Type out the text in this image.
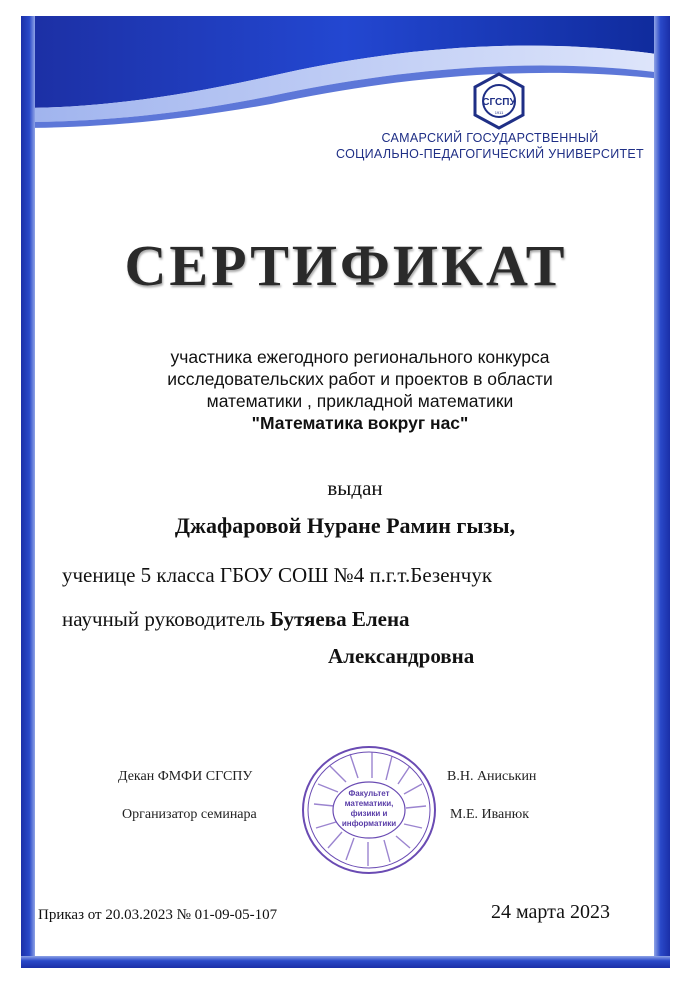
СГСПУ
1911
САМАРСКИЙ ГОСУДАРСТВЕННЫЙ
СОЦИАЛЬНО-ПЕДАГОГИЧЕСКИЙ УНИВЕРСИТЕТ
СЕРТИФИКАТ
участника ежегодного регионального конкурса
исследовательских работ и проектов в области
математики , прикладной математики
"Математика вокруг нас"
выдан
Джафаровой Нуране Рамин гызы,
ученице 5 класса ГБОУ СОШ №4 п.г.т.Безенчук
научный руководитель Бутяева Елена
Александровна
Декан ФМФИ СГСПУ
Организатор семинара
В.Н. Аниськин
М.Е. Иванюк
Факультет
математики,
физики и
информатики
Приказ от 20.03.2023 № 01-09-05-107	24 марта 2023
